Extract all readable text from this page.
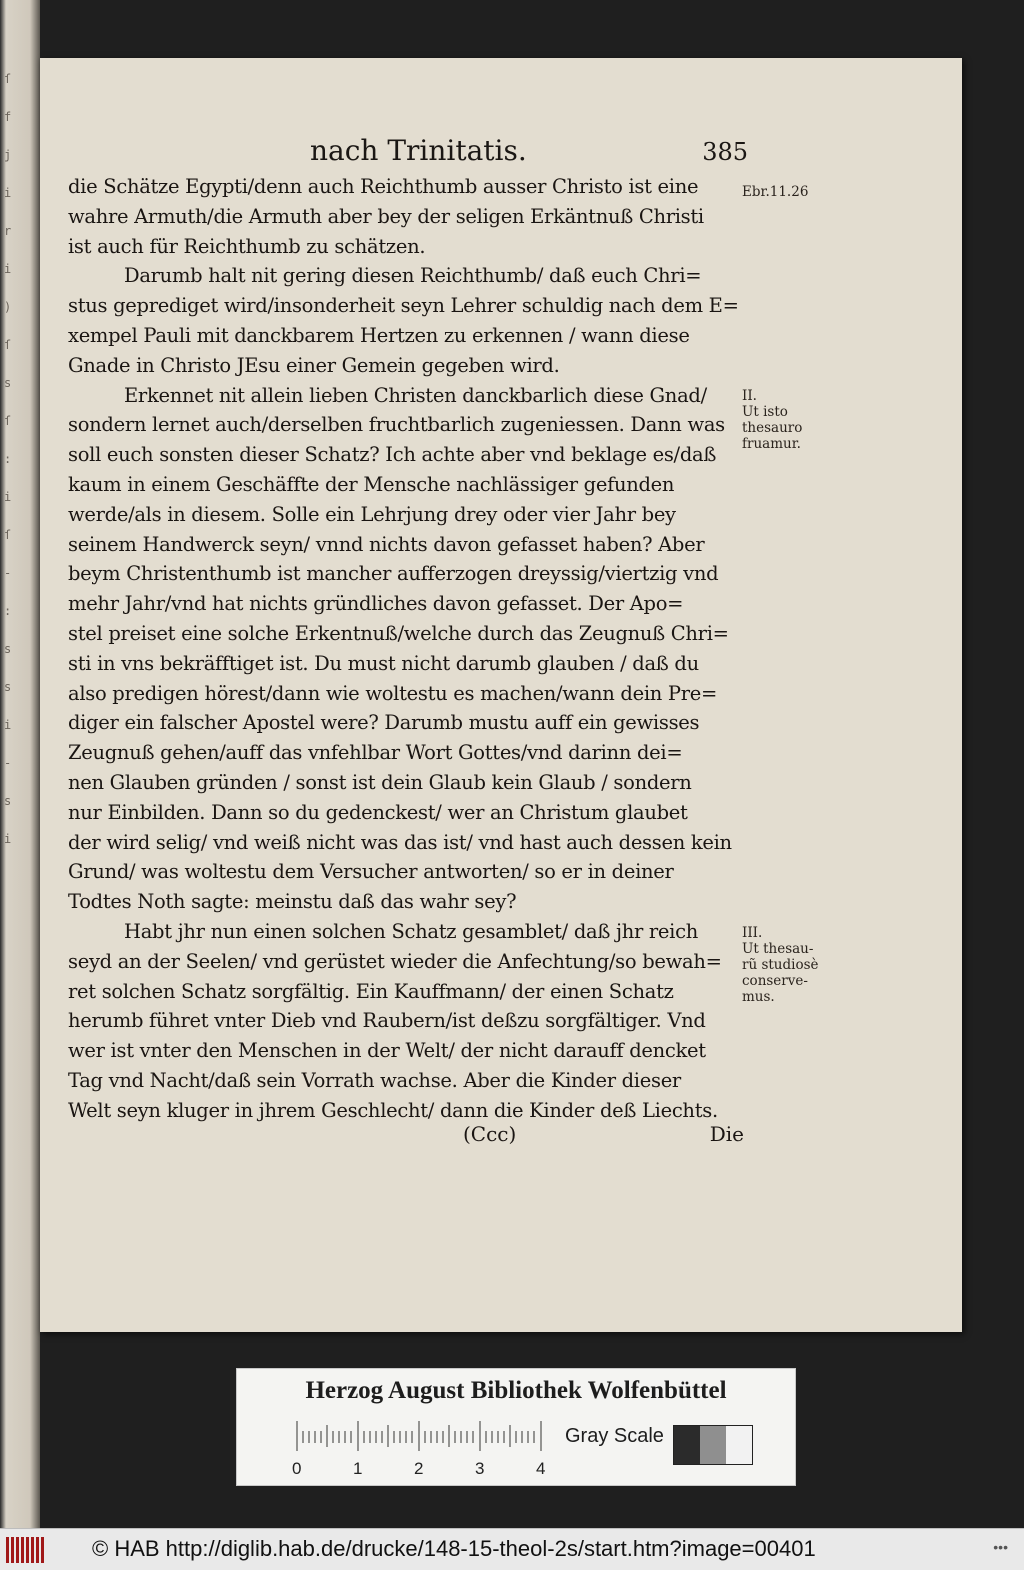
ſ
f
j
i
r
i
)
ſ
s
ſ
:
i
ſ
-
:
s
s
i
-
s
i
nach Trinitatis.	385
die Schätze Egypti/denn auch Reichthumb ausser Christo ist eine
wahre Armuth/die Armuth aber bey der seligen Erkäntnuß Christi
ist auch für Reichthumb zu schätzen.
Darumb halt nit gering diesen Reichthumb/ daß euch Chri=
stus geprediget wird/insonderheit seyn Lehrer schuldig nach dem E=
xempel Pauli mit danckbarem Hertzen zu erkennen / wann diese
Gnade in Christo JEsu einer Gemein gegeben wird.
Erkennet nit allein lieben Christen danckbarlich diese Gnad/
sondern lernet auch/derselben fruchtbarlich zugeniessen. Dann was
soll euch sonsten dieser Schatz? Ich achte aber vnd beklage es/daß
kaum in einem Geschäffte der Mensche nachlässiger gefunden
werde/als in diesem. Solle ein Lehrjung drey oder vier Jahr bey
seinem Handwerck seyn/ vnnd nichts davon gefasset haben? Aber
beym Christenthumb ist mancher aufferzogen dreyssig/viertzig vnd
mehr Jahr/vnd hat nichts gründliches davon gefasset. Der Apo=
stel preiset eine solche Erkentnuß/welche durch das Zeugnuß Chri=
sti in vns bekräfftiget ist. Du must nicht darumb glauben / daß du
also predigen hörest/dann wie woltestu es machen/wann dein Pre=
diger ein falscher Apostel were? Darumb mustu auff ein gewisses
Zeugnuß gehen/auff das vnfehlbar Wort Gottes/vnd darinn dei=
nen Glauben gründen / sonst ist dein Glaub kein Glaub / sondern
nur Einbilden. Dann so du gedenckest/ wer an Christum glaubet
der wird selig/ vnd weiß nicht was das ist/ vnd hast auch dessen kein
Grund/ was woltestu dem Versucher antworten/ so er in deiner
Todtes Noth sagte: meinstu daß das wahr sey?
Habt jhr nun einen solchen Schatz gesamblet/ daß jhr reich
seyd an der Seelen/ vnd gerüstet wieder die Anfechtung/so bewah=
ret solchen Schatz sorgfältig. Ein Kauffmann/ der einen Schatz
herumb führet vnter Dieb vnd Raubern/ist deßzu sorgfältiger. Vnd
wer ist vnter den Menschen in der Welt/ der nicht darauff dencket
Tag vnd Nacht/daß sein Vorrath wachse. Aber die Kinder dieser
Welt seyn kluger in jhrem Geschlecht/ dann die Kinder deß Liechts.
(Ccc)	Die
Ebr.11.26
II.
Ut isto
thesauro
fruamur.
III.
Ut thesau-
rũ studiosè
conserve-
mus.
Herzog August Bibliothek Wolfenbüttel
0	1	2	3	4
Gray Scale
© HAB http://diglib.hab.de/drucke/148-15-theol-2s/start.htm?image=00401	•••
